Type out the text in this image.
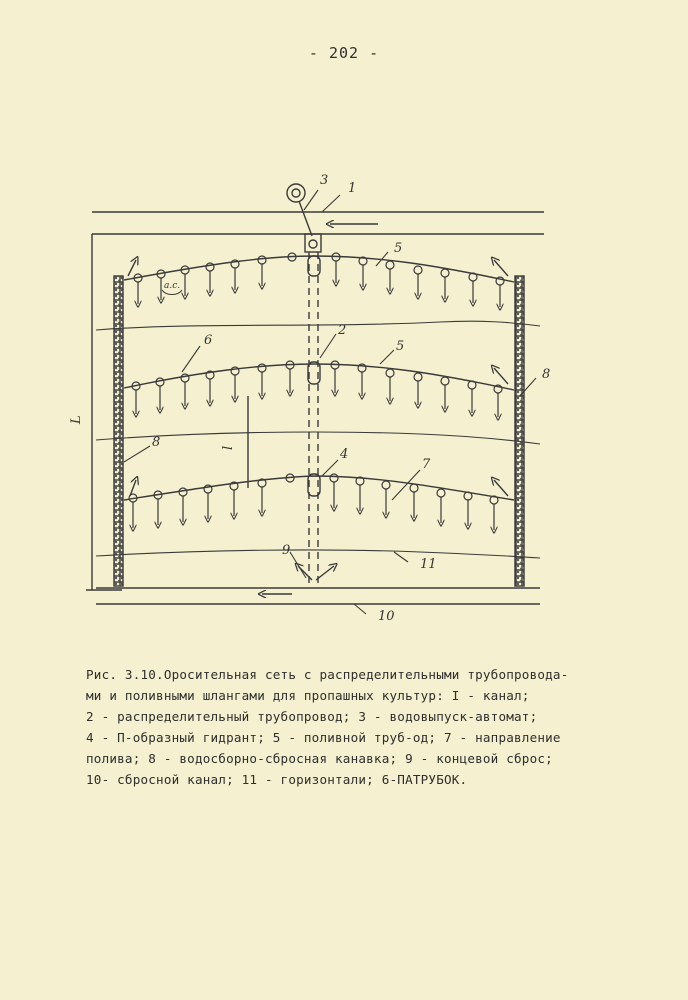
- 202 -
1
3
5
2
5
6
8
8
4
7
9
11
10
L
l
a.c.

Рис. 3.10.Оросительная сеть с распределительными трубопровода-

ми и поливными шлангами для пропашных культур: I - канал;

2 - распределительный трубопровод; 3 - водовыпуск-автомат;

4 - П-образный гидрант; 5 - поливной труб-од; 7 - направление

полива; 8 - водосборно-сбросная канавка; 9 - концевой сброс;

10- сбросной канал; 11 - горизонтали; 6-ПАТРУБОК.
